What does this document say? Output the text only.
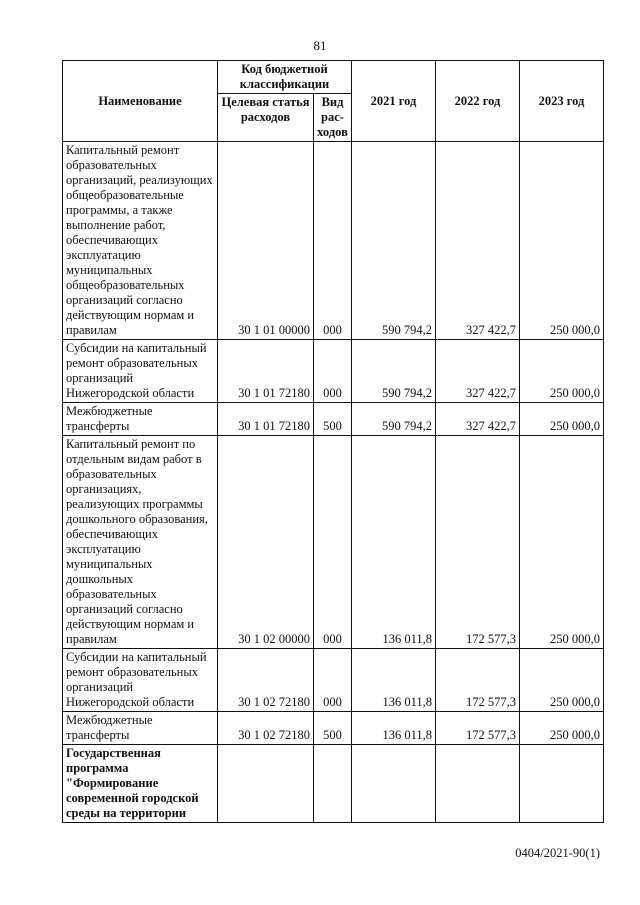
81
Наименование	Код бюджетной классификации		2021 год	2022 год	2023 год
	Целевая статья расходов	Вид рас- ходов			
Капитальный ремонт образовательных организаций, реализующих общеобразовательные программы, а также выполнение работ, обеспечивающих эксплуатацию муниципальных общеобразовательных организаций согласно действующим нормам и правилам	30 1 01 00000	000	590 794,2	327 422,7	250 000,0
Субсидии на капитальный ремонт образовательных организаций Нижегородской области	30 1 01 72180	000	590 794,2	327 422,7	250 000,0
Межбюджетные трансферты	30 1 01 72180	500	590 794,2	327 422,7	250 000,0
Капитальный ремонт по отдельным видам работ в образовательных организациях, реализующих программы дошкольного образования, обеспечивающих эксплуатацию муниципальных дошкольных образовательных организаций согласно действующим нормам и правилам	30 1 02 00000	000	136 011,8	172 577,3	250 000,0
Субсидии на капитальный ремонт образовательных организаций Нижегородской области	30 1 02 72180	000	136 011,8	172 577,3	250 000,0
Межбюджетные трансферты	30 1 02 72180	500	136 011,8	172 577,3	250 000,0
Государственная программа "Формирование современной городской среды на территории					
0404/2021-90(1)
